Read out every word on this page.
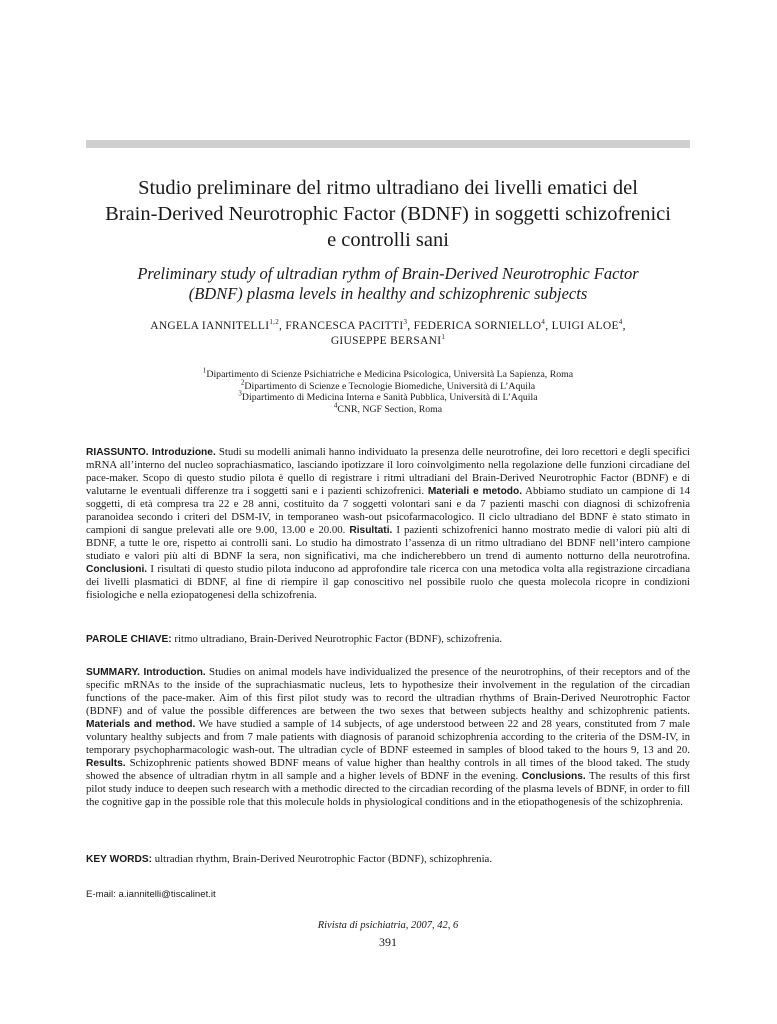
Studio preliminare del ritmo ultradiano dei livelli ematici del
Brain-Derived Neurotrophic Factor (BDNF) in soggetti schizofrenici
e controlli sani
Preliminary study of ultradian rythm of Brain-Derived Neurotrophic Factor
(BDNF) plasma levels in healthy and schizophrenic subjects
ANGELA IANNITELLI$^{1,2}$, FRANCESCA PACITTI$^3$, FEDERICA SORNIELLO$^4$, LUIGI ALOE$^4$,
GIUSEPPE BERSANI$^1$
$^1$Dipartimento di Scienze Psichiatriche e Medicina Psicologica, Università La Sapienza, Roma
$^2$Dipartimento di Scienze e Tecnologie Biomediche, Università di L’Aquila
$^3$Dipartimento di Medicina Interna e Sanità Pubblica, Università di L’Aquila
$^4$CNR, NGF Section, Roma
RIASSUNTO. Introduzione. Studi su modelli animali hanno individuato la presenza delle neurotrofine, dei loro recettori e degli specifici mRNA all’interno del nucleo soprachiasmatico, lasciando ipotizzare il loro coinvolgimento nella regolazione delle funzioni circadiane del pace-maker. Scopo di questo studio pilota è quello di registrare i ritmi ultradiani del Brain-Derived Neurotrophic Factor (BDNF) e di valutarne le eventuali differenze tra i soggetti sani e i pazienti schizofrenici. Materiali e metodo. Abbiamo studiato un campione di 14 soggetti, di età compresa tra 22 e 28 anni, costituito da 7 soggetti volontari sani e da 7 pazienti maschi con diagnosi di schizofrenia paranoidea secondo i criteri del DSM-IV, in temporaneo wash-out psicofarmacologico. Il ciclo ultradiano del BDNF è stato stimato in campioni di sangue prelevati alle ore 9.00, 13.00 e 20.00. Risultati. I pazienti schizofrenici hanno mostrato medie di valori più alti di BDNF, a tutte le ore, rispetto ai controlli sani. Lo studio ha dimostrato l’assenza di un ritmo ultradiano del BDNF nell’intero campione studiato e valori più alti di BDNF la sera, non significativi, ma che indicherebbero un trend di aumento notturno della neurotrofina. Conclusioni. I risultati di questo studio pilota inducono ad approfondire tale ricerca con una metodica volta alla registrazione circadiana dei livelli plasmatici di BDNF, al fine di riempire il gap conoscitivo nel possibile ruolo che questa molecola ricopre in condizioni fisiologiche e nella eziopatogenesi della schizofrenia.
PAROLE CHIAVE: ritmo ultradiano, Brain-Derived Neurotrophic Factor (BDNF), schizofrenia.
SUMMARY. Introduction. Studies on animal models have individualized the presence of the neurotrophins, of their receptors and of the specific mRNAs to the inside of the suprachiasmatic nucleus, lets to hypothesize their involvement in the regulation of the circadian functions of the pace-maker. Aim of this first pilot study was to record the ultradian rhythms of Brain-Derived Neurotrophic Factor (BDNF) and of value the possible differences are between the two sexes that between subjects healthy and schizophrenic patients. Materials and method. We have studied a sample of 14 subjects, of age understood between 22 and 28 years, constituted from 7 male voluntary healthy subjects and from 7 male patients with diagnosis of paranoid schizophrenia according to the criteria of the DSM-IV, in temporary psychopharmacologic wash-out. The ultradian cycle of BDNF esteemed in samples of blood taked to the hours 9, 13 and 20. Results. Schizophrenic patients showed BDNF means of value higher than healthy controls in all times of the blood taked. The study showed the absence of ultradian rhytm in all sample and a higher levels of BDNF in the evening. Conclusions. The results of this first pilot study induce to deepen such research with a methodic directed to the circadian recording of the plasma levels of BDNF, in order to fill the cognitive gap in the possible role that this molecule holds in physiological conditions and in the etiopathogenesis of the schizophrenia.
KEY WORDS: ultradian rhythm, Brain-Derived Neurotrophic Factor (BDNF), schizophrenia.
E-mail: a.iannitelli@tiscalinet.it
Rivista di psichiatria, 2007, 42, 6
391
